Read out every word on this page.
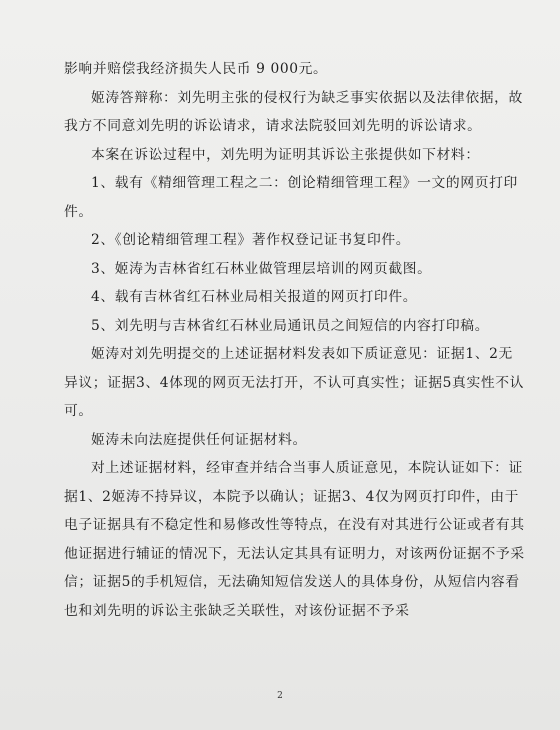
影响并赔偿我经济损失人民币 9 000元。

姬涛答辩称：刘先明主张的侵权行为缺乏事实依据以及法律依据，故我方不同意刘先明的诉讼请求，请求法院驳回刘先明的诉讼请求。

本案在诉讼过程中，刘先明为证明其诉讼主张提供如下材料：

1、载有《精细管理工程之二：创论精细管理工程》一文的网页打印件。

2、《创论精细管理工程》著作权登记证书复印件。

3、姬涛为吉林省红石林业做管理层培训的网页截图。

4、载有吉林省红石林业局相关报道的网页打印件。

5、刘先明与吉林省红石林业局通讯员之间短信的内容打印稿。

姬涛对刘先明提交的上述证据材料发表如下质证意见：证据1、2无异议；证据3、4体现的网页无法打开，不认可真实性；证据5真实性不认可。

姬涛未向法庭提供任何证据材料。

对上述证据材料，经审查并结合当事人质证意见，本院认证如下：证据1、2姬涛不持异议，本院予以确认；证据3、4仅为网页打印件，由于电子证据具有不稳定性和易修改性等特点，在没有对其进行公证或者有其他证据进行辅证的情况下，无法认定其具有证明力，对该两份证据不予采信；证据5的手机短信，无法确知短信发送人的具体身份，从短信内容看也和刘先明的诉讼主张缺乏关联性，对该份证据不予采

2
